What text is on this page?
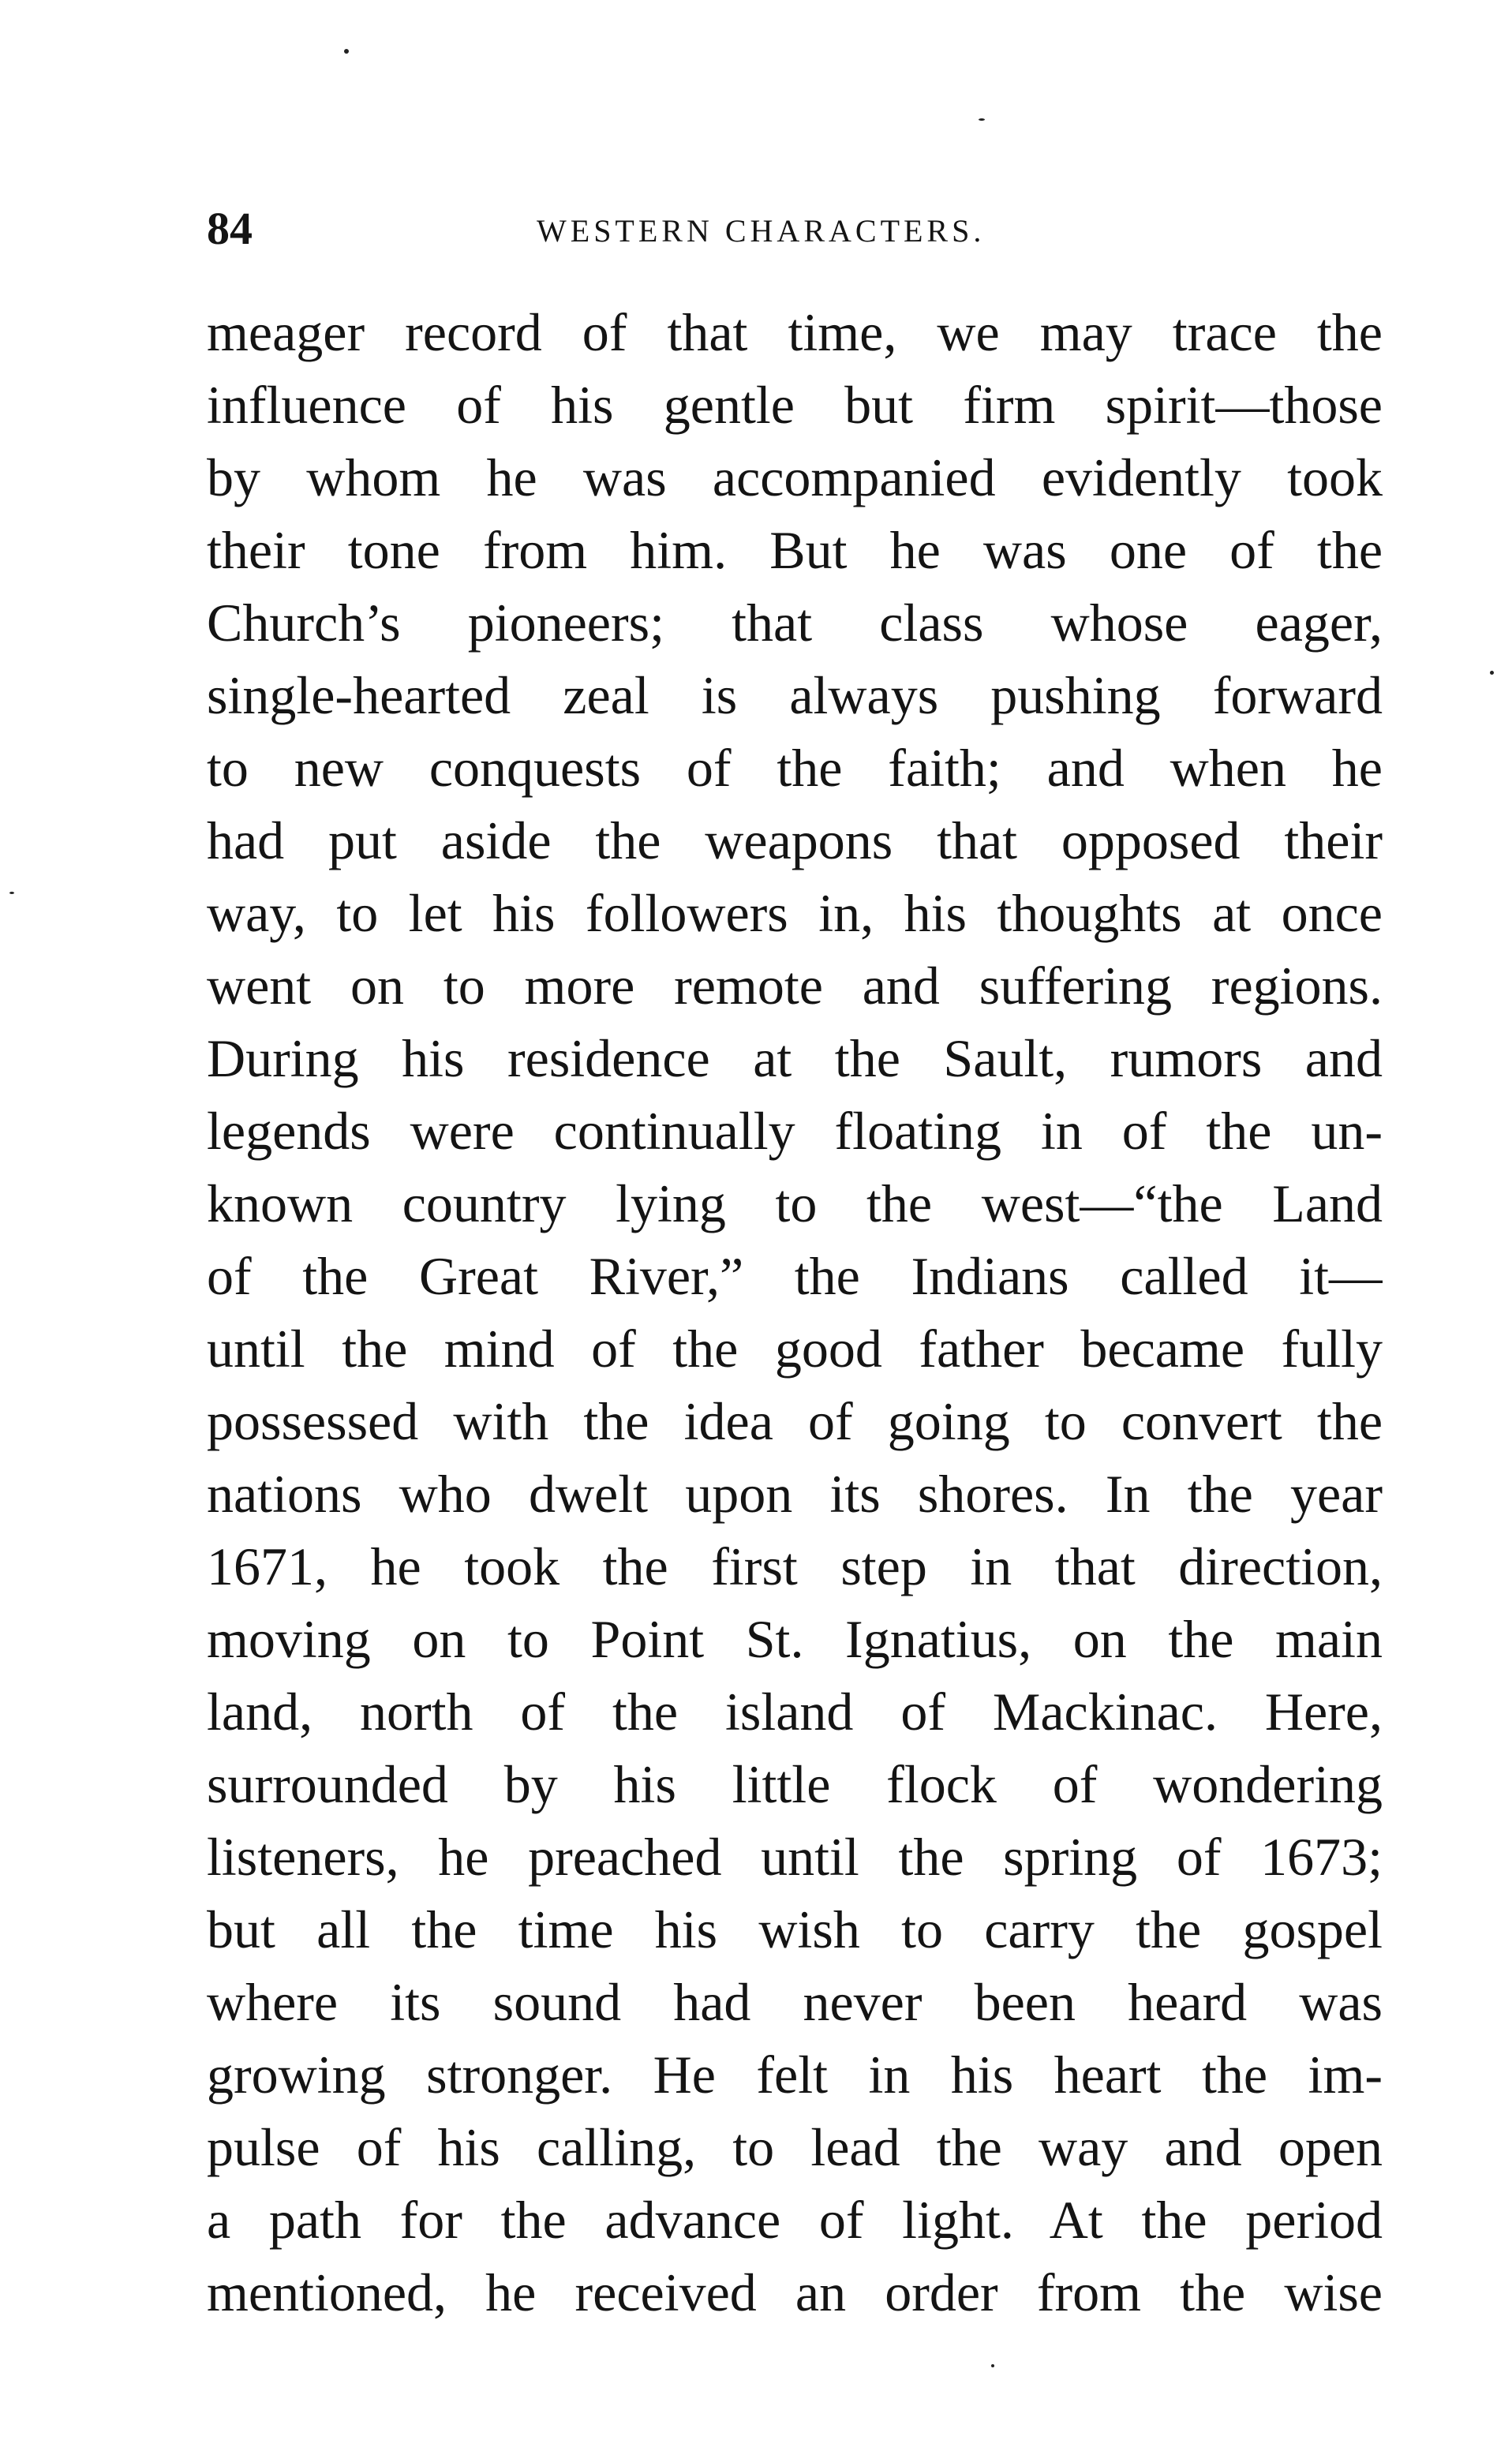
84	WESTERN CHARACTERS.
meager record of that time, we may trace the
influence of his gentle but firm spirit—those
by whom he was accompanied evidently took
their tone from him. But he was one of the
Church’s pioneers; that class whose eager,
single-hearted zeal is always pushing forward
to new conquests of the faith; and when he
had put aside the weapons that opposed their
way, to let his followers in, his thoughts at once
went on to more remote and suffering regions.
During his residence at the Sault, rumors and
legends were continually floating in of the un-
known country lying to the west—“the Land
of the Great River,” the Indians called it—
until the mind of the good father became fully
possessed with the idea of going to convert the
nations who dwelt upon its shores. In the year
1671, he took the first step in that direction,
moving on to Point St. Ignatius, on the main
land, north of the island of Mackinac. Here,
surrounded by his little flock of wondering
listeners, he preached until the spring of 1673;
but all the time his wish to carry the gospel
where its sound had never been heard was
growing stronger. He felt in his heart the im-
pulse of his calling, to lead the way and open
a path for the advance of light. At the period
mentioned, he received an order from the wise
